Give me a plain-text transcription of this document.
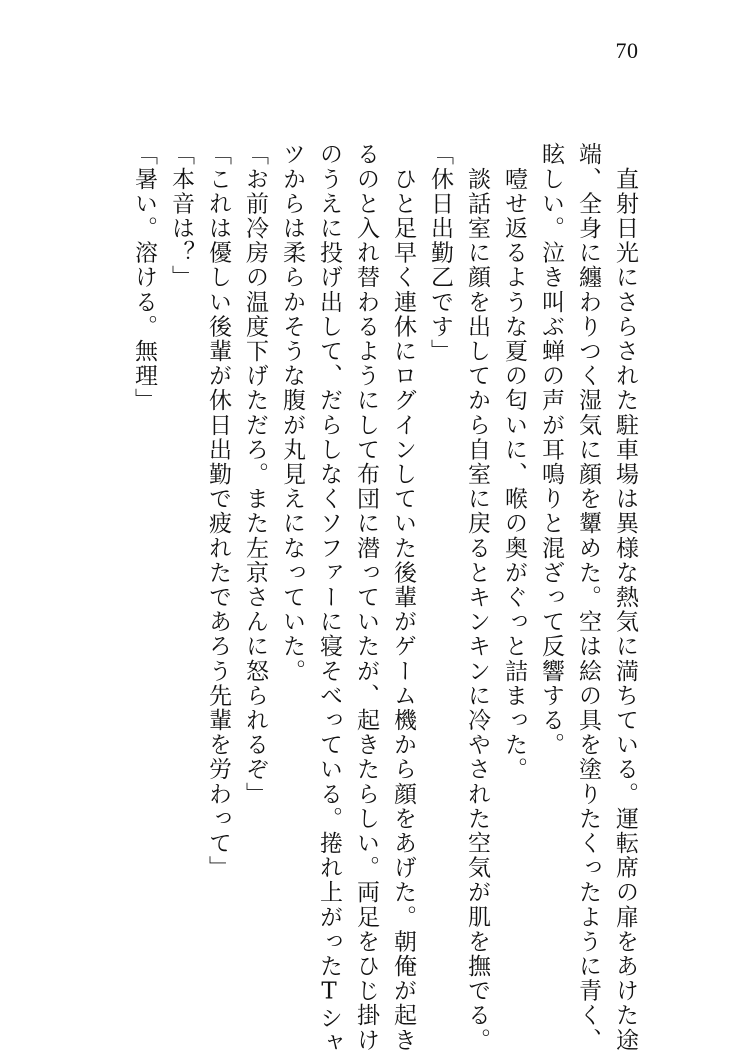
70
　直射日光にさらされた駐車場は異様な熱気に満ちている。運転席の扉をあけた途
端、全身に纏わりつく湿気に顔を顰めた。空は絵の具を塗りたくったように青く、
眩しい。泣き叫ぶ蝉の声が耳鳴りと混ざって反響する。
　噎せ返るような夏の匂いに、喉の奥がぐっと詰まった。
　談話室に顔を出してから自室に戻るとキンキンに冷やされた空気が肌を撫でる。
「休日出勤乙です」
　ひと足早く連休にログインしていた後輩がゲーム機から顔をあげた。朝俺が起き
るのと入れ替わるようにして布団に潜っていたが、起きたらしい。両足をひじ掛け
のうえに投げ出して、だらしなくソファーに寝そべっている。捲れ上がったTシャ
ツからは柔らかそうな腹が丸見えになっていた。
「お前冷房の温度下げただろ。また左京さんに怒られるぞ」
「これは優しい後輩が休日出勤で疲れたであろう先輩を労わって」
「本音は？」
「暑い。溶ける。無理」
